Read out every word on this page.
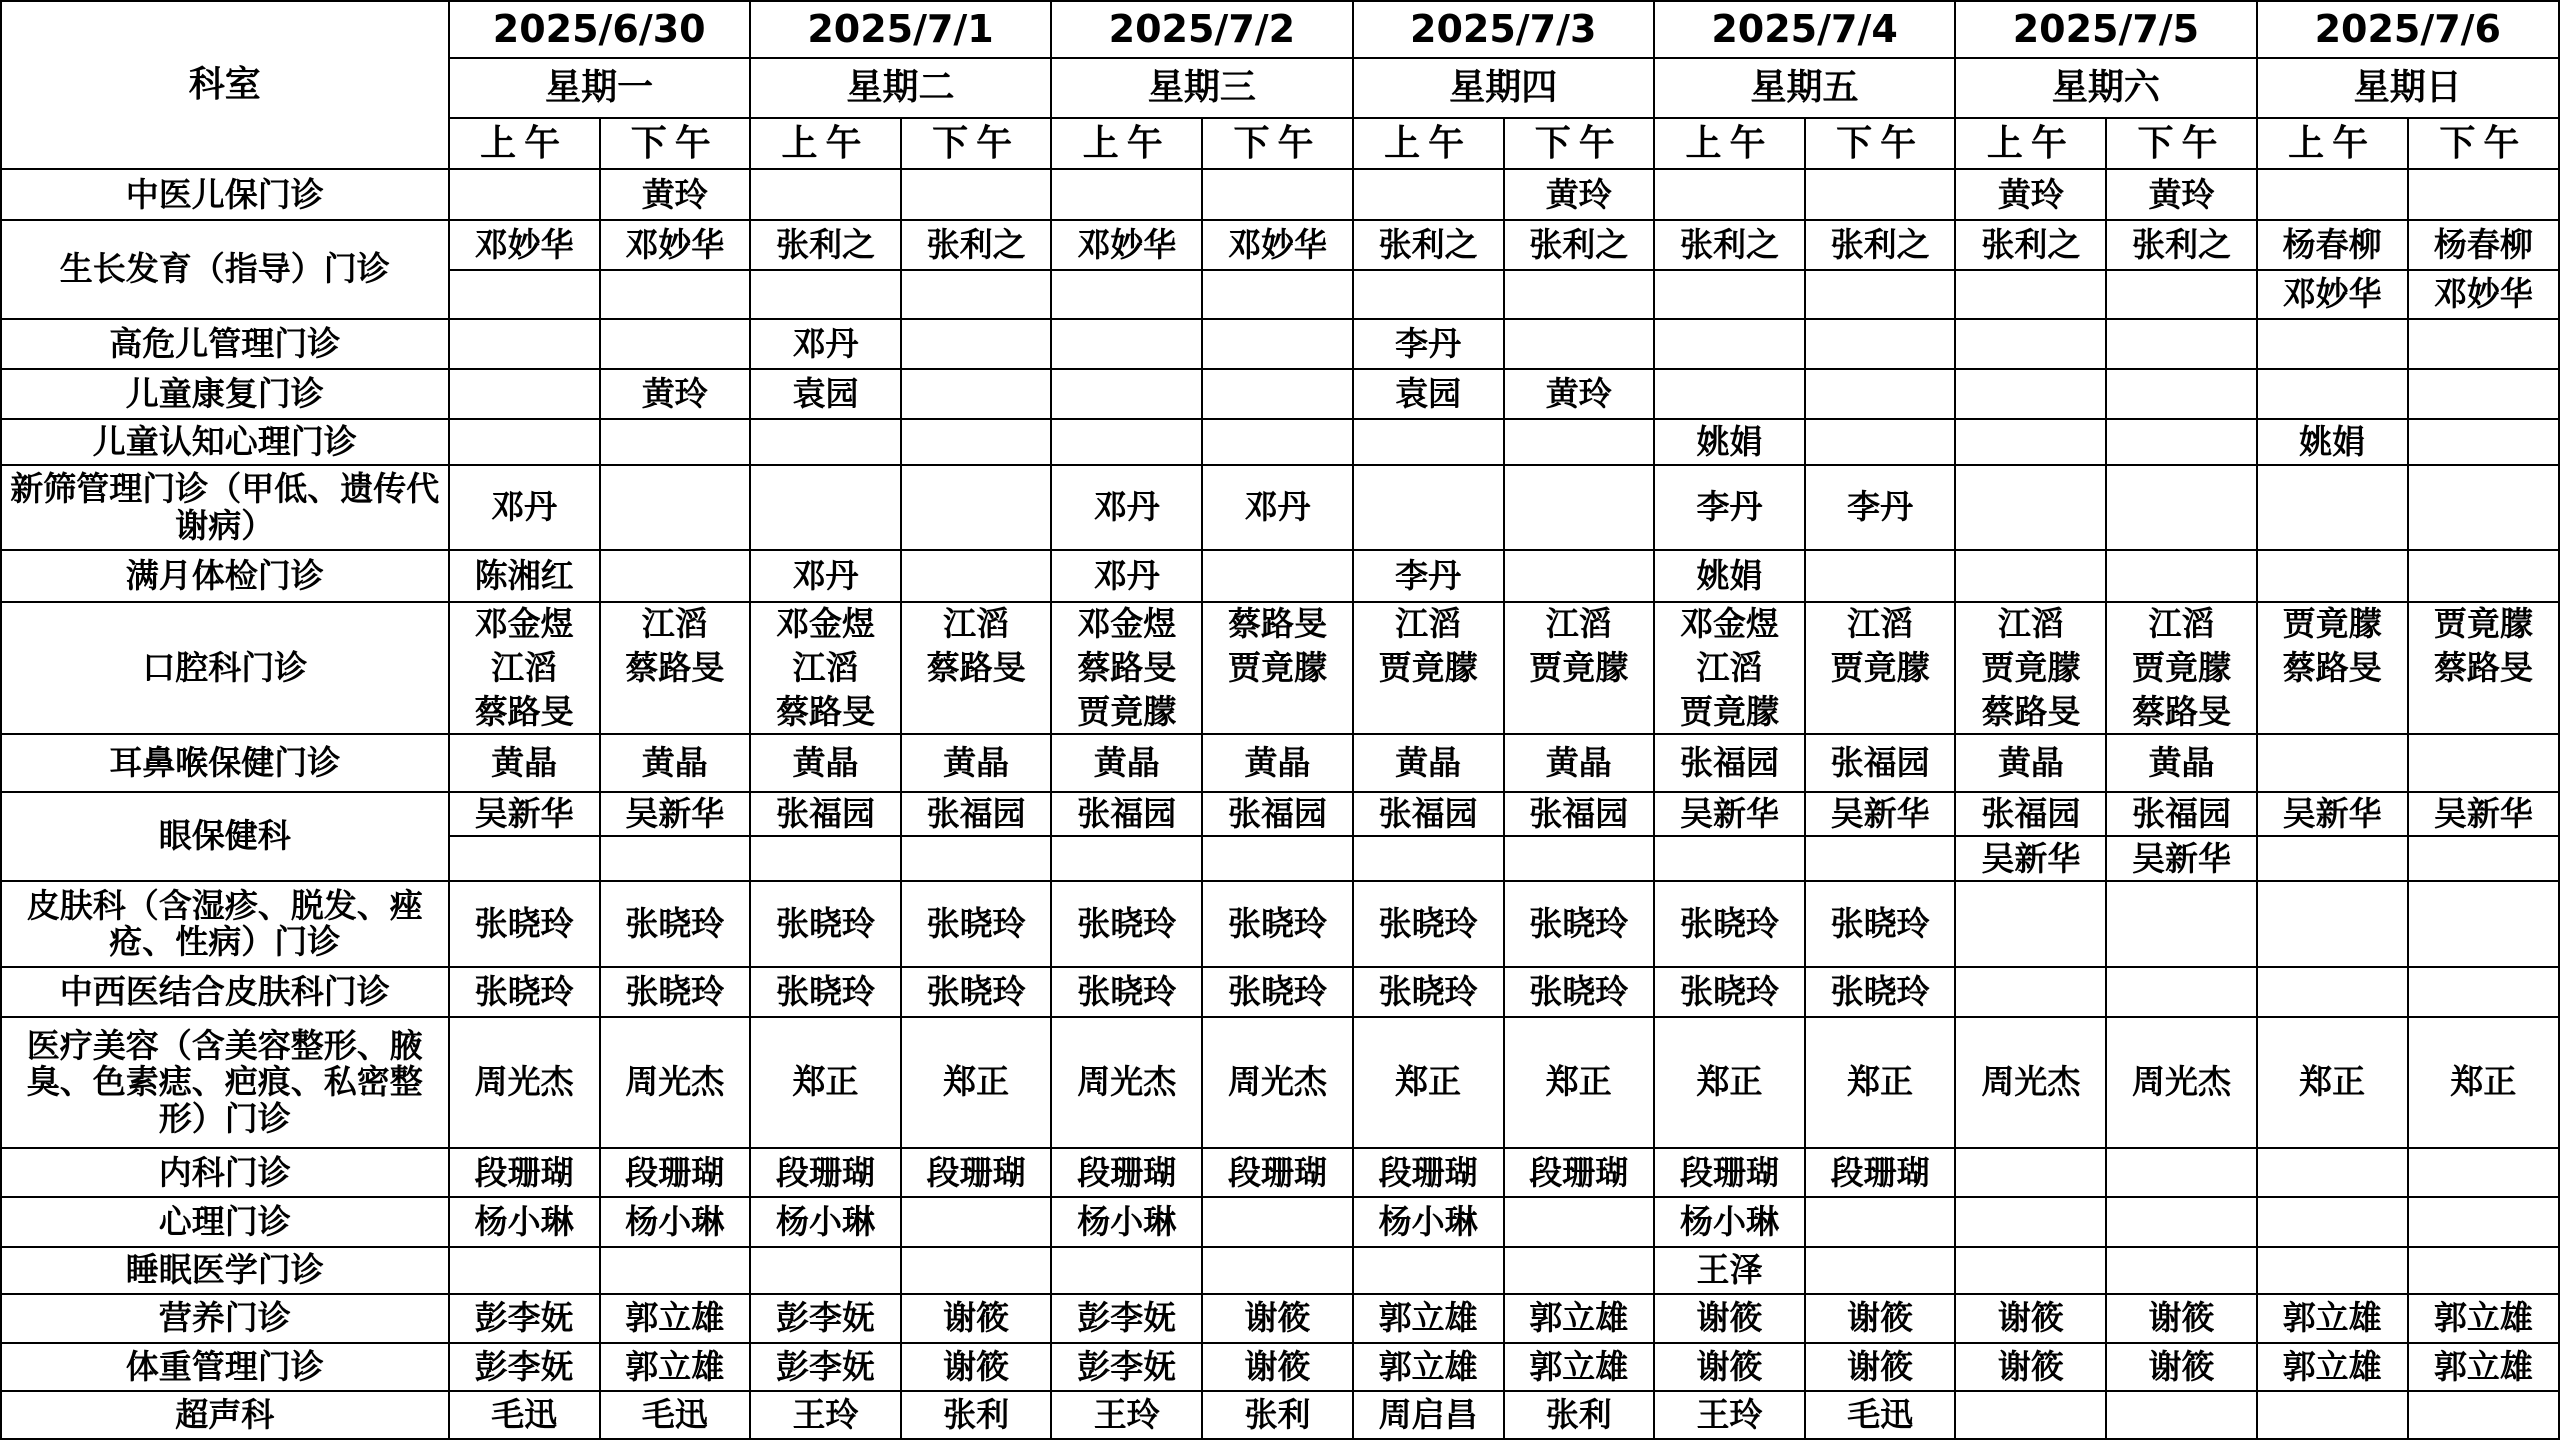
科室	2025/6/30		2025/7/1		2025/7/2		2025/7/3		2025/7/4		2025/7/5		2025/7/6	
	星期一		星期二		星期三		星期四		星期五		星期六		星期日	
	上午	下午	上午	下午	上午	下午	上午	下午	上午	下午	上午	下午	上午	下午
中医儿保门诊		黄玲						黄玲			黄玲	黄玲		
生长发育（指导）门诊	邓妙华	邓妙华	张利之	张利之	邓妙华	邓妙华	张利之	张利之	张利之	张利之	张利之	张利之	杨春柳	杨春柳
													邓妙华	邓妙华
高危儿管理门诊			邓丹				李丹							
儿童康复门诊		黄玲	袁园				袁园	黄玲						
儿童认知心理门诊									姚娟				姚娟	
新筛管理门诊（甲低、遗传代谢病）	邓丹				邓丹	邓丹			李丹	李丹				
满月体检门诊	陈湘红		邓丹		邓丹		李丹		姚娟					
口腔科门诊	邓金煜	江滔	邓金煜	江滔	邓金煜	蔡路旻	江滔	江滔	邓金煜	江滔	江滔	江滔	贾竟朦	贾竟朦
	江滔	蔡路旻	江滔	蔡路旻	蔡路旻	贾竟朦	贾竟朦	贾竟朦	江滔	贾竟朦	贾竟朦	贾竟朦	蔡路旻	蔡路旻
	蔡路旻		蔡路旻		贾竟朦				贾竟朦		蔡路旻	蔡路旻		
耳鼻喉保健门诊	黄晶	黄晶	黄晶	黄晶	黄晶	黄晶	黄晶	黄晶	张福园	张福园	黄晶	黄晶		
眼保健科	吴新华	吴新华	张福园	张福园	张福园	张福园	张福园	张福园	吴新华	吴新华	张福园	张福园	吴新华	吴新华
											吴新华	吴新华		
皮肤科（含湿疹、脱发、痤疮、性病）门诊	张晓玲	张晓玲	张晓玲	张晓玲	张晓玲	张晓玲	张晓玲	张晓玲	张晓玲	张晓玲				
中西医结合皮肤科门诊	张晓玲	张晓玲	张晓玲	张晓玲	张晓玲	张晓玲	张晓玲	张晓玲	张晓玲	张晓玲				
医疗美容（含美容整形、腋臭、色素痣、疤痕、私密整形）门诊	周光杰	周光杰	郑正	郑正	周光杰	周光杰	郑正	郑正	郑正	郑正	周光杰	周光杰	郑正	郑正
内科门诊	段珊瑚	段珊瑚	段珊瑚	段珊瑚	段珊瑚	段珊瑚	段珊瑚	段珊瑚	段珊瑚	段珊瑚				
心理门诊	杨小琳	杨小琳	杨小琳		杨小琳		杨小琳		杨小琳					
睡眠医学门诊									王泽					
营养门诊	彭李妩	郭立雄	彭李妩	谢筱	彭李妩	谢筱	郭立雄	郭立雄	谢筱	谢筱	谢筱	谢筱	郭立雄	郭立雄
体重管理门诊	彭李妩	郭立雄	彭李妩	谢筱	彭李妩	谢筱	郭立雄	郭立雄	谢筱	谢筱	谢筱	谢筱	郭立雄	郭立雄
超声科	毛迅	毛迅	王玲	张利	王玲	张利	周启昌	张利	王玲	毛迅				
